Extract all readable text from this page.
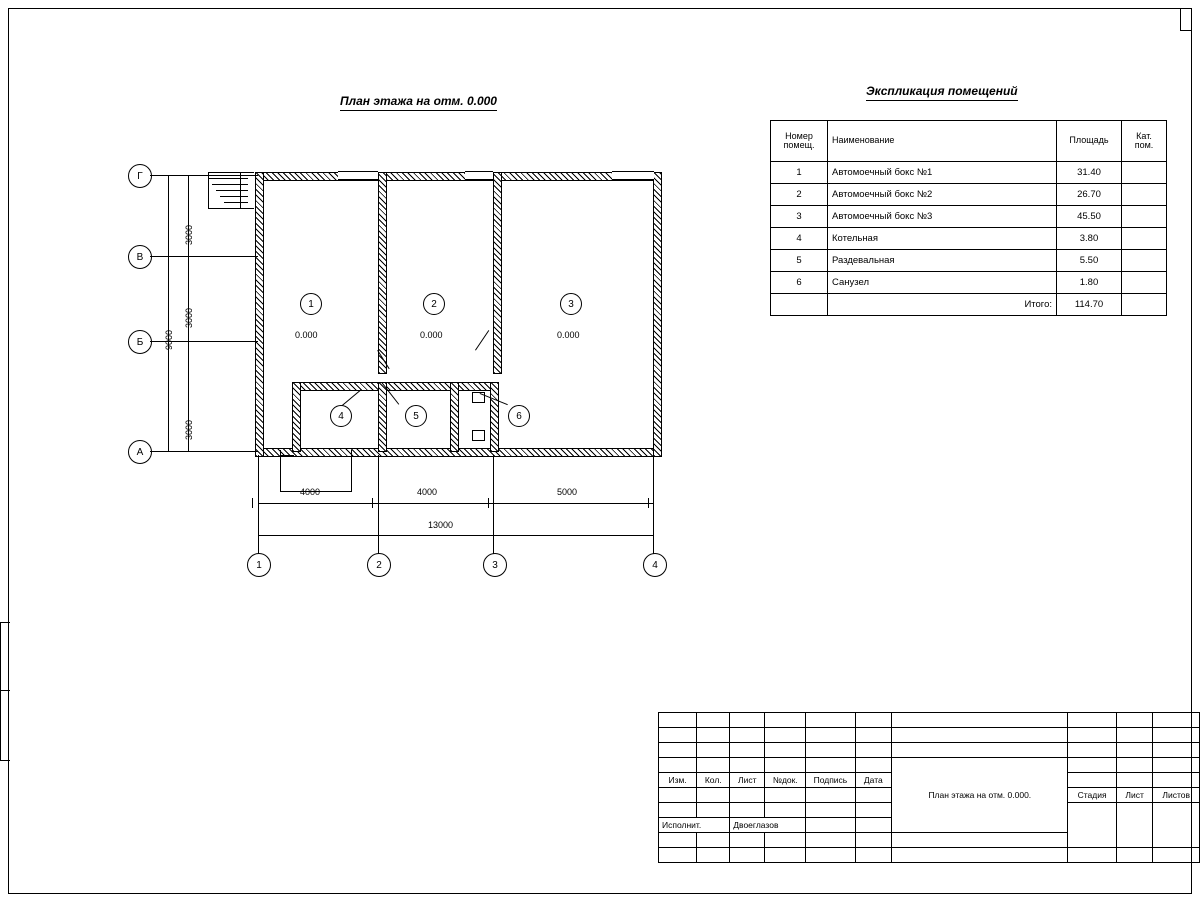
План этажа на отм. 0.000
Экспликация помещений
1	2	3
4	5	6
0.000	0.000	0.000
Г
В
Б
А
3000
3000
3000
9000
4000	4000	5000
13000
1	2	3	4
Номер помещ.	Наименование	Площадь	Кат. пом.
1	Автомоечный бокс №1	31.40	
2	Автомоечный бокс №2	26.70	
3	Автомоечный бокс №3	45.50	
4	Котельная	3.80	
5	Раздевальная	5.50	
6	Санузел	1.80	
	Итого:	114.70	

						План этажа на отм. 0.000.			
Изм.	Кол.	Лист	№док.	Подпись	Дата				
							Стадия	Лист	Листов

Исполнит.		Двоеглазов							
